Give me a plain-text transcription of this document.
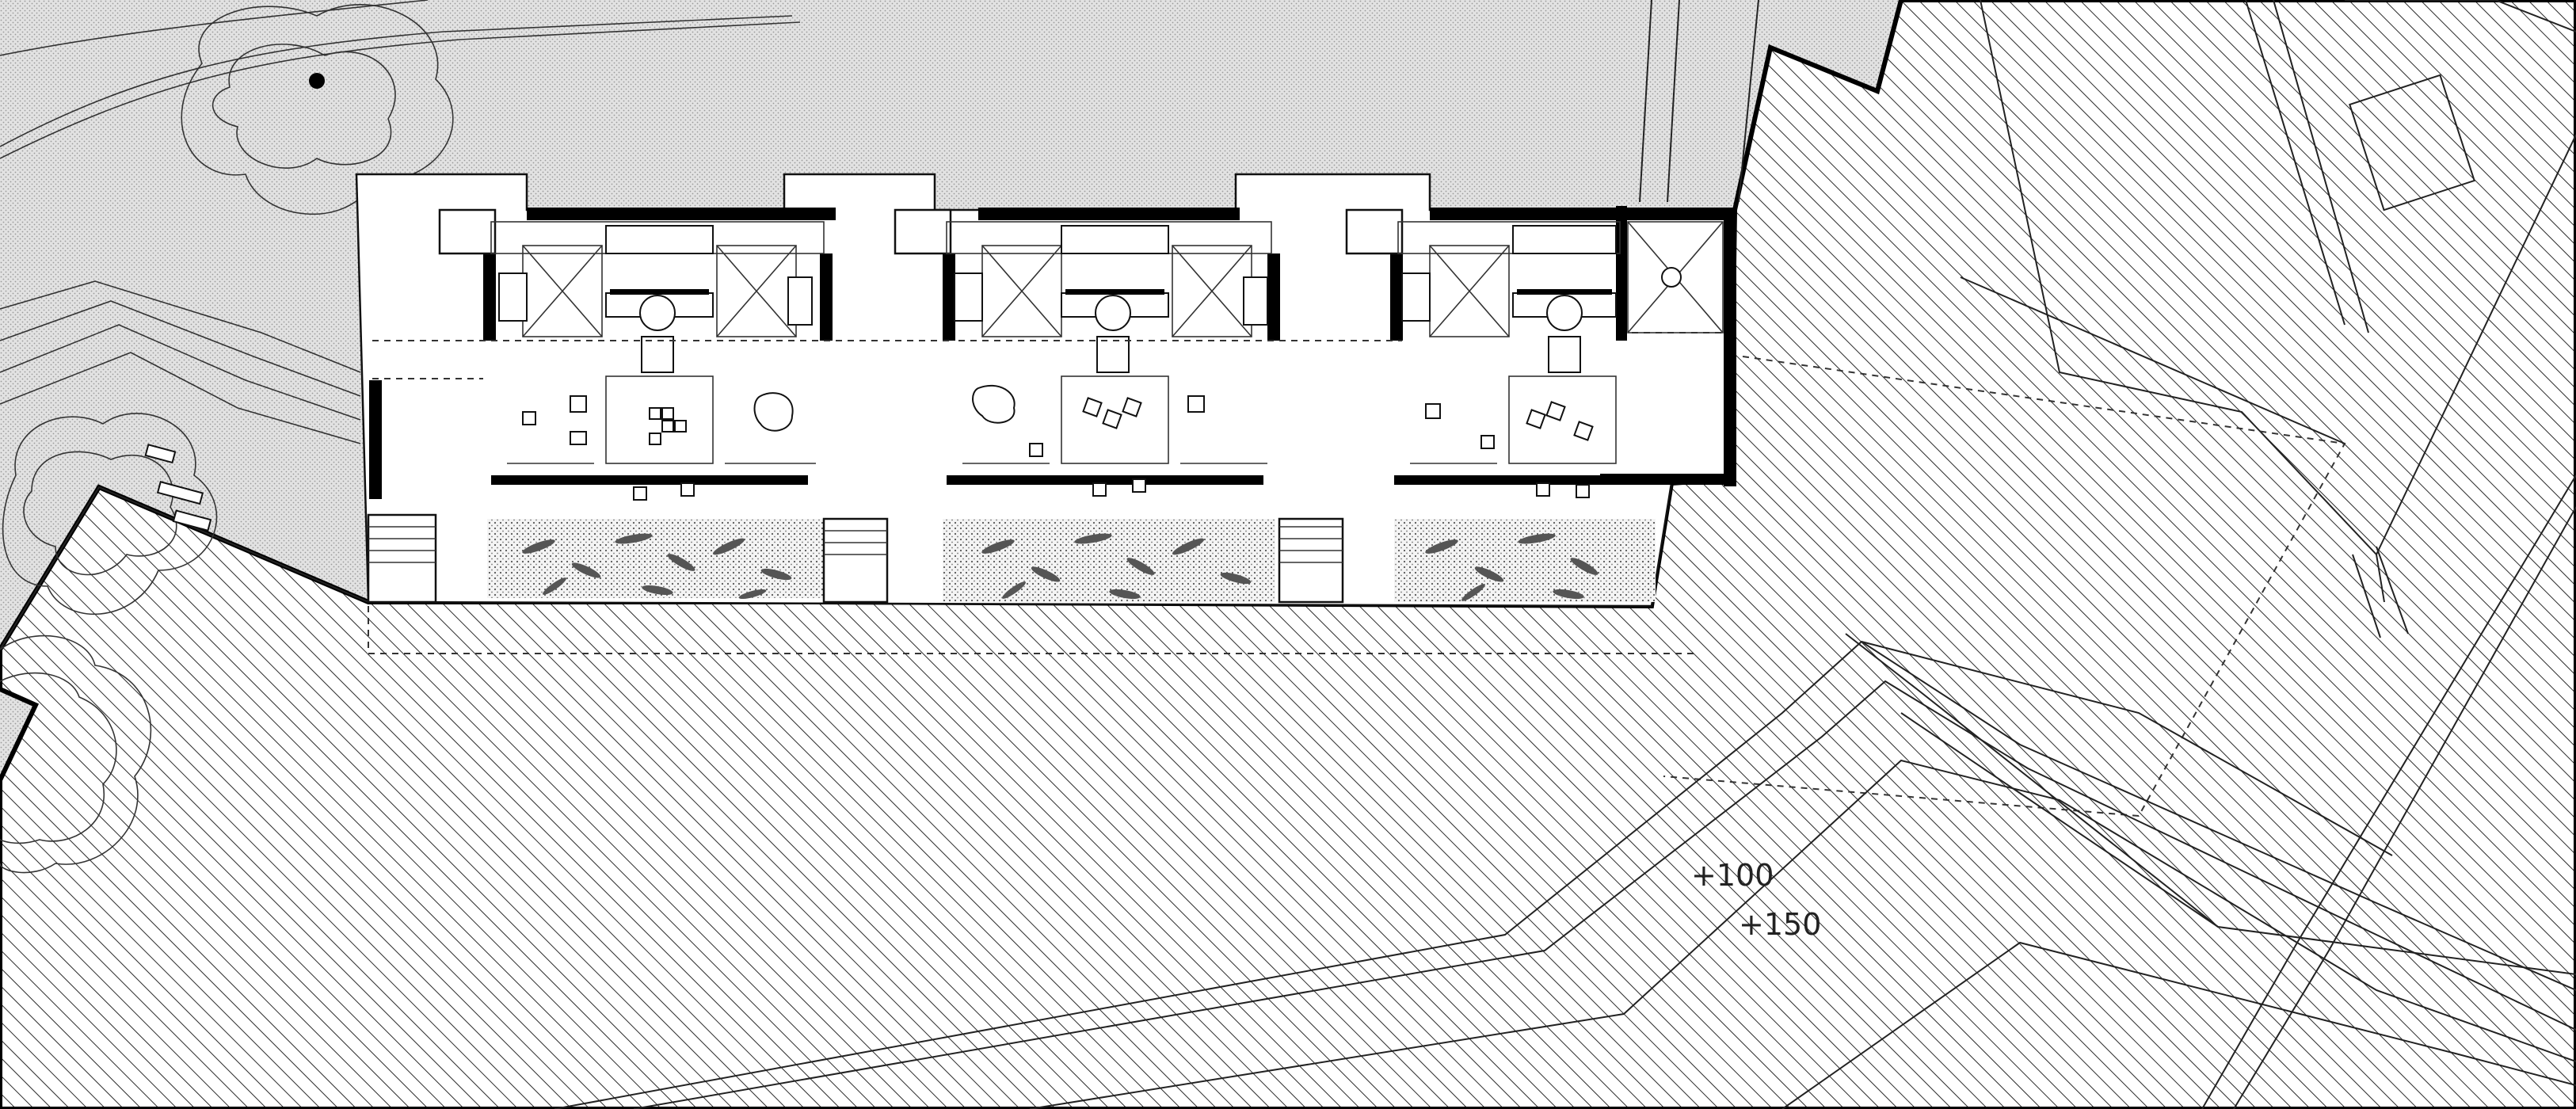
+100
+150
